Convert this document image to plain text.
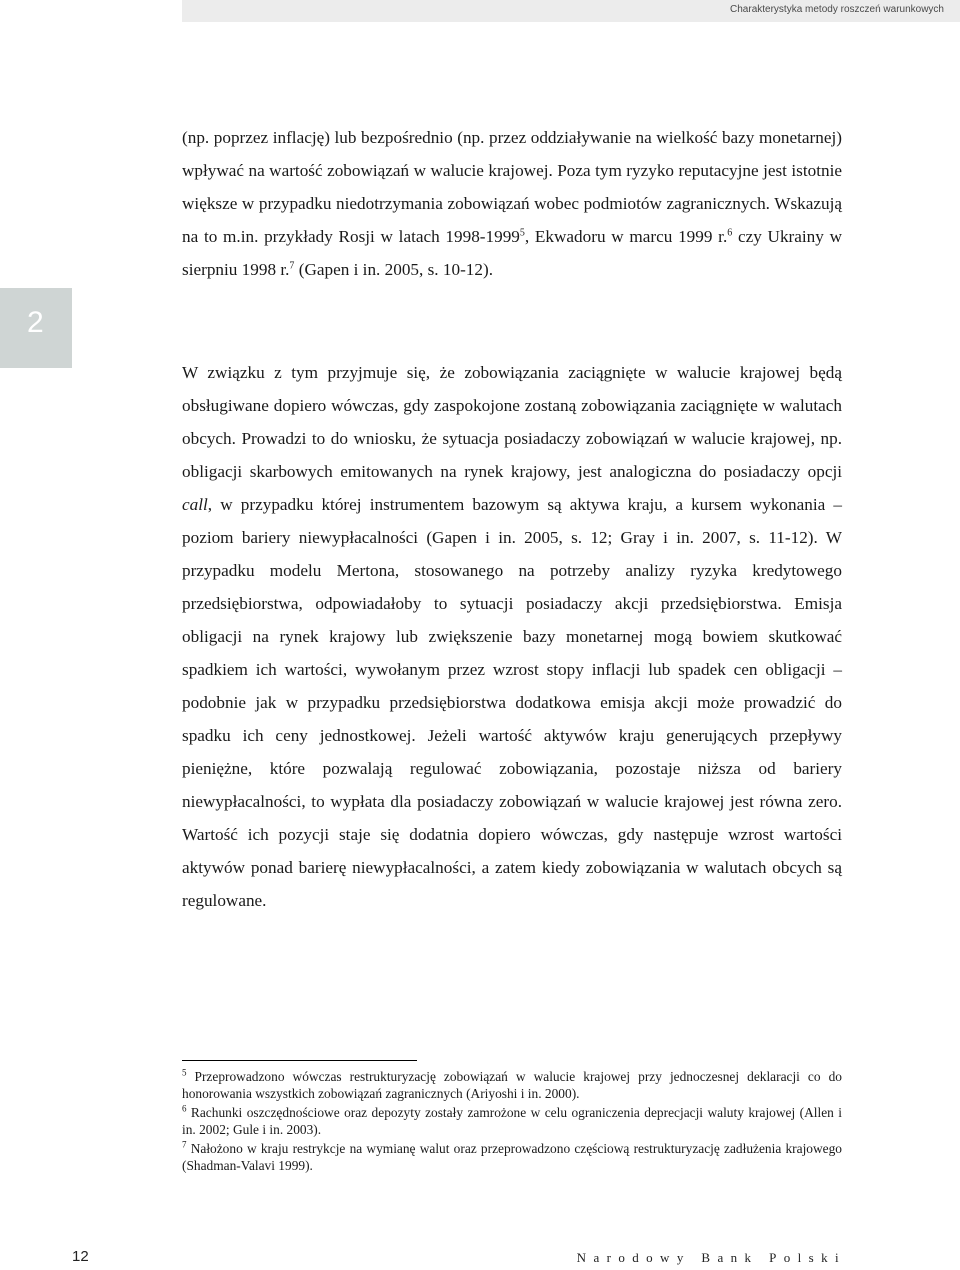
Charakterystyka metody roszczeń warunkowych
2

(np. poprzez inflację) lub bezpośrednio (np. przez oddziaływanie na wielkość bazy monetarnej) wpływać na wartość zobowiązań w walucie krajowej. Poza tym ryzyko reputacyjne jest istotnie większe w przypadku niedotrzymania zobowiązań wobec podmiotów zagranicznych. Wskazują na to m.in. przykłady Rosji w latach 1998-1999$^5$, Ekwadoru w marcu 1999 r.$^6$ czy Ukrainy w sierpniu 1998 r.$^7$ (Gapen i in. 2005, s. 10-12).

W związku z tym przyjmuje się, że zobowiązania zaciągnięte w walucie krajowej będą obsługiwane dopiero wówczas, gdy zaspokojone zostaną zobowiązania zaciągnięte w walutach obcych. Prowadzi to do wniosku, że sytuacja posiadaczy zobowiązań w walucie krajowej, np. obligacji skarbowych emitowanych na rynek krajowy, jest analogiczna do posiadaczy opcji call, w przypadku której instrumentem bazowym są aktywa kraju, a kursem wykonania – poziom bariery niewypłacalności (Gapen i in. 2005, s. 12; Gray i in. 2007, s. 11-12). W przypadku modelu Mertona, stosowanego na potrzeby analizy ryzyka kredytowego przedsiębiorstwa, odpowiadałoby to sytuacji posiadaczy akcji przedsiębiorstwa. Emisja obligacji na rynek krajowy lub zwiększenie bazy monetarnej mogą bowiem skutkować spadkiem ich wartości, wywołanym przez wzrost stopy inflacji lub spadek cen obligacji – podobnie jak w przypadku przedsiębiorstwa dodatkowa emisja akcji może prowadzić do spadku ich ceny jednostkowej. Jeżeli wartość aktywów kraju generujących przepływy pieniężne, które pozwalają regulować zobowiązania, pozostaje niższa od bariery niewypłacalności, to wypłata dla posiadaczy zobowiązań w walucie krajowej jest równa zero. Wartość ich pozycji staje się dodatnia dopiero wówczas, gdy następuje wzrost wartości aktywów ponad barierę niewypłacalności, a zatem kiedy zobowiązania w walutach obcych są regulowane.

$^5$ Przeprowadzono wówczas restrukturyzację zobowiązań w walucie krajowej przy jednoczesnej deklaracji co do honorowania wszystkich zobowiązań zagranicznych (Ariyoshi i in. 2000).

$^6$ Rachunki oszczędnościowe oraz depozyty zostały zamrożone w celu ograniczenia deprecjacji waluty krajowej (Allen i in. 2002; Gule i in. 2003).

$^7$ Nałożono w kraju restrykcje na wymianę walut oraz przeprowadzono częściową restrukturyzację zadłużenia krajowego (Shadman-Valavi 1999).

12	Narodowy Bank Polski
